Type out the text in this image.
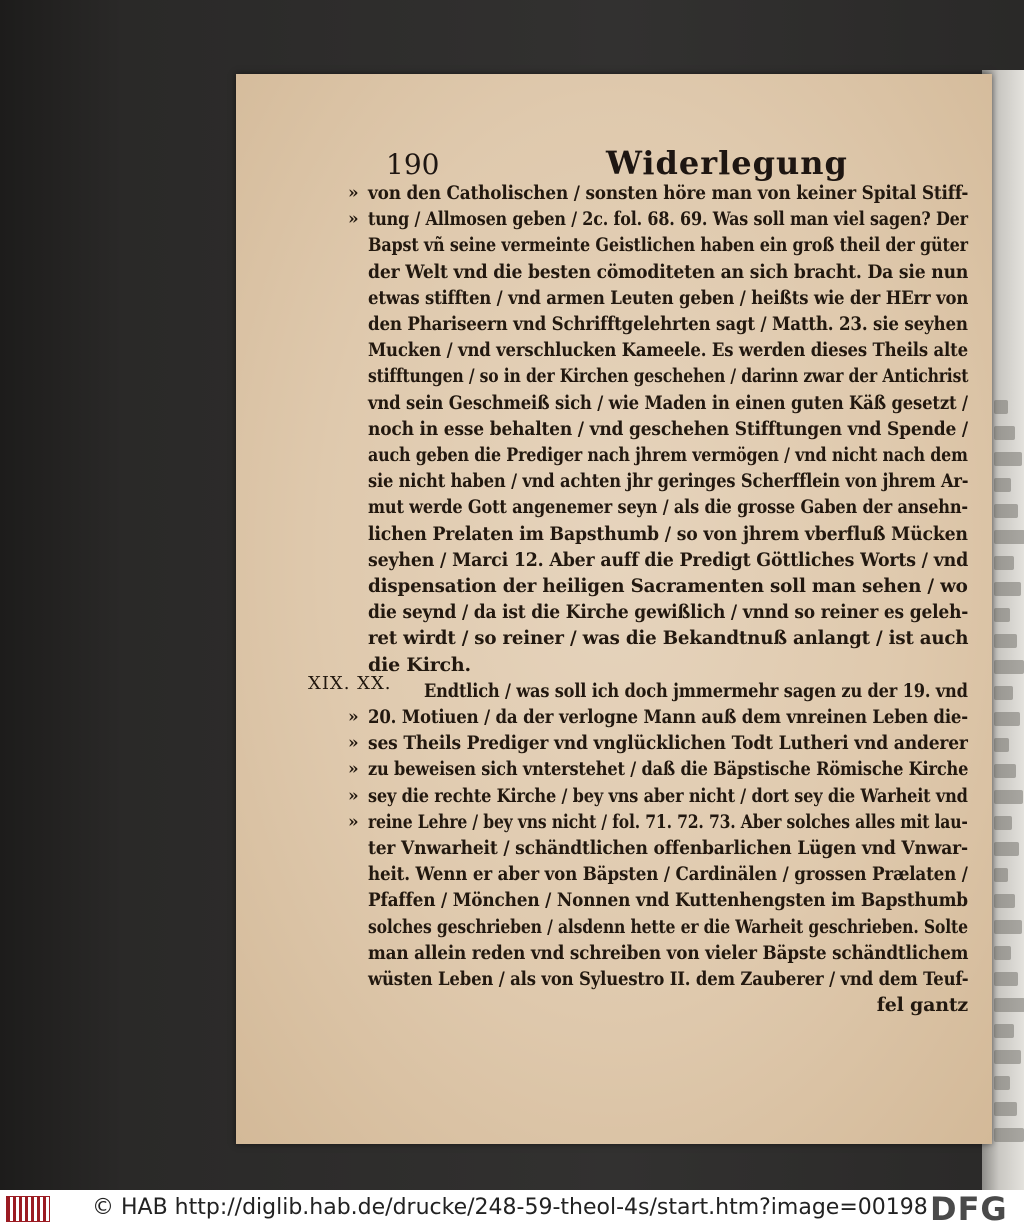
190	Widerlegung
XIX. XX.
» von den Catholischen / sonsten höre man von keiner Spital Stiff-
» tung / Allmosen geben / 2c. fol. 68. 69. Was soll man viel sagen? Der
Bapst vñ seine vermeinte Geistlichen haben ein groß theil der güter
der Welt vnd die besten cömoditeten an sich bracht. Da sie nun
etwas stifften / vnd armen Leuten geben / heißts wie der HErr von
den Phariseern vnd Schrifftgelehrten sagt / Matth. 23. sie seyhen
Mucken / vnd verschlucken Kameele. Es werden dieses Theils alte
stifftungen / so in der Kirchen geschehen / darinn zwar der Antichrist
vnd sein Geschmeiß sich / wie Maden in einen guten Käß gesetzt /
noch in esse behalten / vnd geschehen Stifftungen vnd Spende /
auch geben die Prediger nach jhrem vermögen / vnd nicht nach dem
sie nicht haben / vnd achten jhr geringes Scherfflein von jhrem Ar-
mut werde Gott angenemer seyn / als die grosse Gaben der ansehn-
lichen Prelaten im Bapsthumb / so von jhrem vberfluß Mücken
seyhen / Marci 12. Aber auff die Predigt Göttliches Worts / vnd
dispensation der heiligen Sacramenten soll man sehen / wo
die seynd / da ist die Kirche gewißlich / vnnd so reiner es geleh-
ret wirdt / so reiner / was die Bekandtnuß anlangt / ist auch
die Kirch.
Endtlich / was soll ich doch jmmermehr sagen zu der 19. vnd
» 20. Motiuen / da der verlogne Mann auß dem vnreinen Leben die-
» ses Theils Prediger vnd vnglücklichen Todt Lutheri vnd anderer
» zu beweisen sich vnterstehet / daß die Bäpstische Römische Kirche
» sey die rechte Kirche / bey vns aber nicht / dort sey die Warheit vnd
» reine Lehre / bey vns nicht / fol. 71. 72. 73. Aber solches alles mit lau-
ter Vnwarheit / schändtlichen offenbarlichen Lügen vnd Vnwar-
heit. Wenn er aber von Bäpsten / Cardinälen / grossen Prælaten /
Pfaffen / Mönchen / Nonnen vnd Kuttenhengsten im Bapsthumb
solches geschrieben / alsdenn hette er die Warheit geschrieben. Solte
man allein reden vnd schreiben von vieler Bäpste schändtlichem
wüsten Leben / als von Syluestro II. dem Zauberer / vnd dem Teuf-
fel gantz
© HAB http://diglib.hab.de/drucke/248-59-theol-4s/start.htm?image=00198 DFG
